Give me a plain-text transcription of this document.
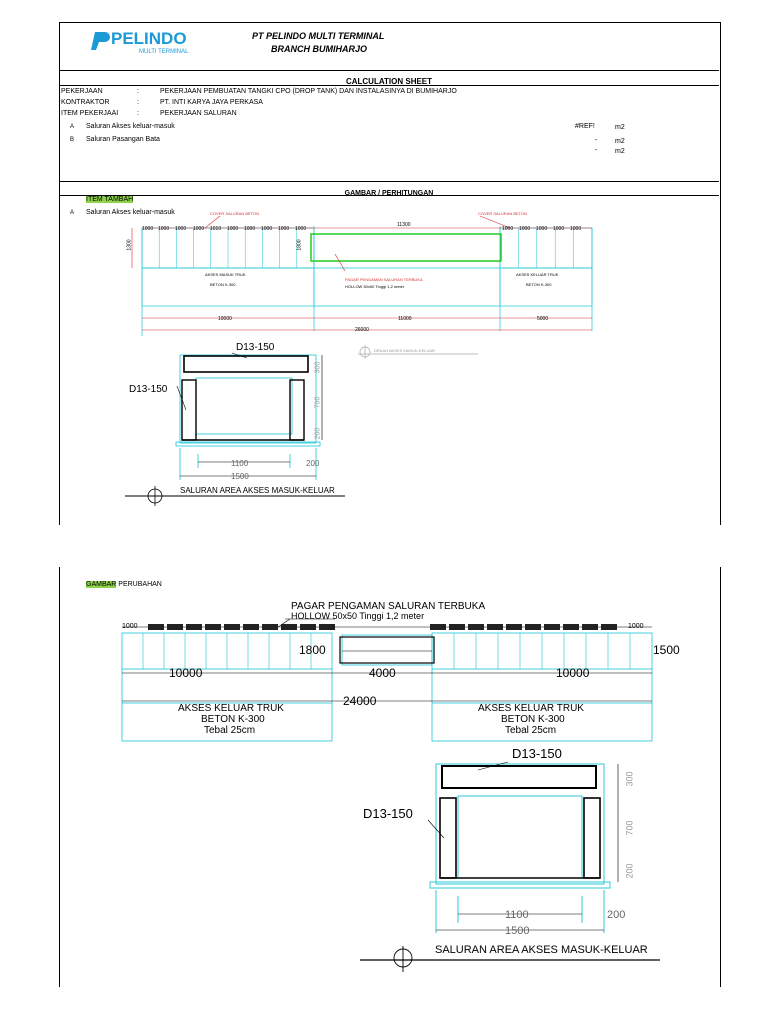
PELINDO
MULTI TERMINAL
PT PELINDO MULTI TERMINAL
BRANCH BUMIHARJO
CALCULATION SHEET
PEKERJAAN	:	PEKERJAAN PEMBUATAN TANGKI CPO (DROP TANK) DAN INSTALASINYA DI BUMIHARJO
KONTRAKTOR	:	PT. INTI KARYA JAYA PERKASA
ITEM PEKERJAAI	:	PEKERJAAN SALURAN
A Saluran Akses keluar-masuk	#REF!	m2
B Saluran Pasangan Bata	-	m2
-	m2
GAMBAR / PERHITUNGAN
ITEM TAMBAH
A Saluran Akses keluar-masuk	COVER SALURAN BETON	COVER SALURAN BETON
1000 1000 1000 1000 1010 1000 1000 1000 1000 1000	1000 1000 1000 1000 1000
11300
1300	1800
PAGAR PENGAMAN SALURAN TERBUKA
HOLLOW 50x50 Tinggi 1,2 meter
AKSES MASUK TRUK
BETON K-300
AKSES KELUAR TRUK
BETON K-300
10000	11000	5000
26000
DENAH AKSES MASUK-KELUAR
D13-150
D13-150
300
700
200
1100	200
1500
SALURAN AREA AKSES MASUK-KELUAR
GAMBAR PERUBAHAN
PAGAR PENGAMAN SALURAN TERBUKA
HOLLOW 50x50 Tinggi 1,2 meter
1000	1000
1800	1500
10000	4000	10000
24000
AKSES KELUAR TRUK
BETON K-300
Tebal 25cm
AKSES KELUAR TRUK
BETON K-300
Tebal 25cm
D13-150
D13-150
300
700
200
1100	200
1500
SALURAN AREA AKSES MASUK-KELUAR
